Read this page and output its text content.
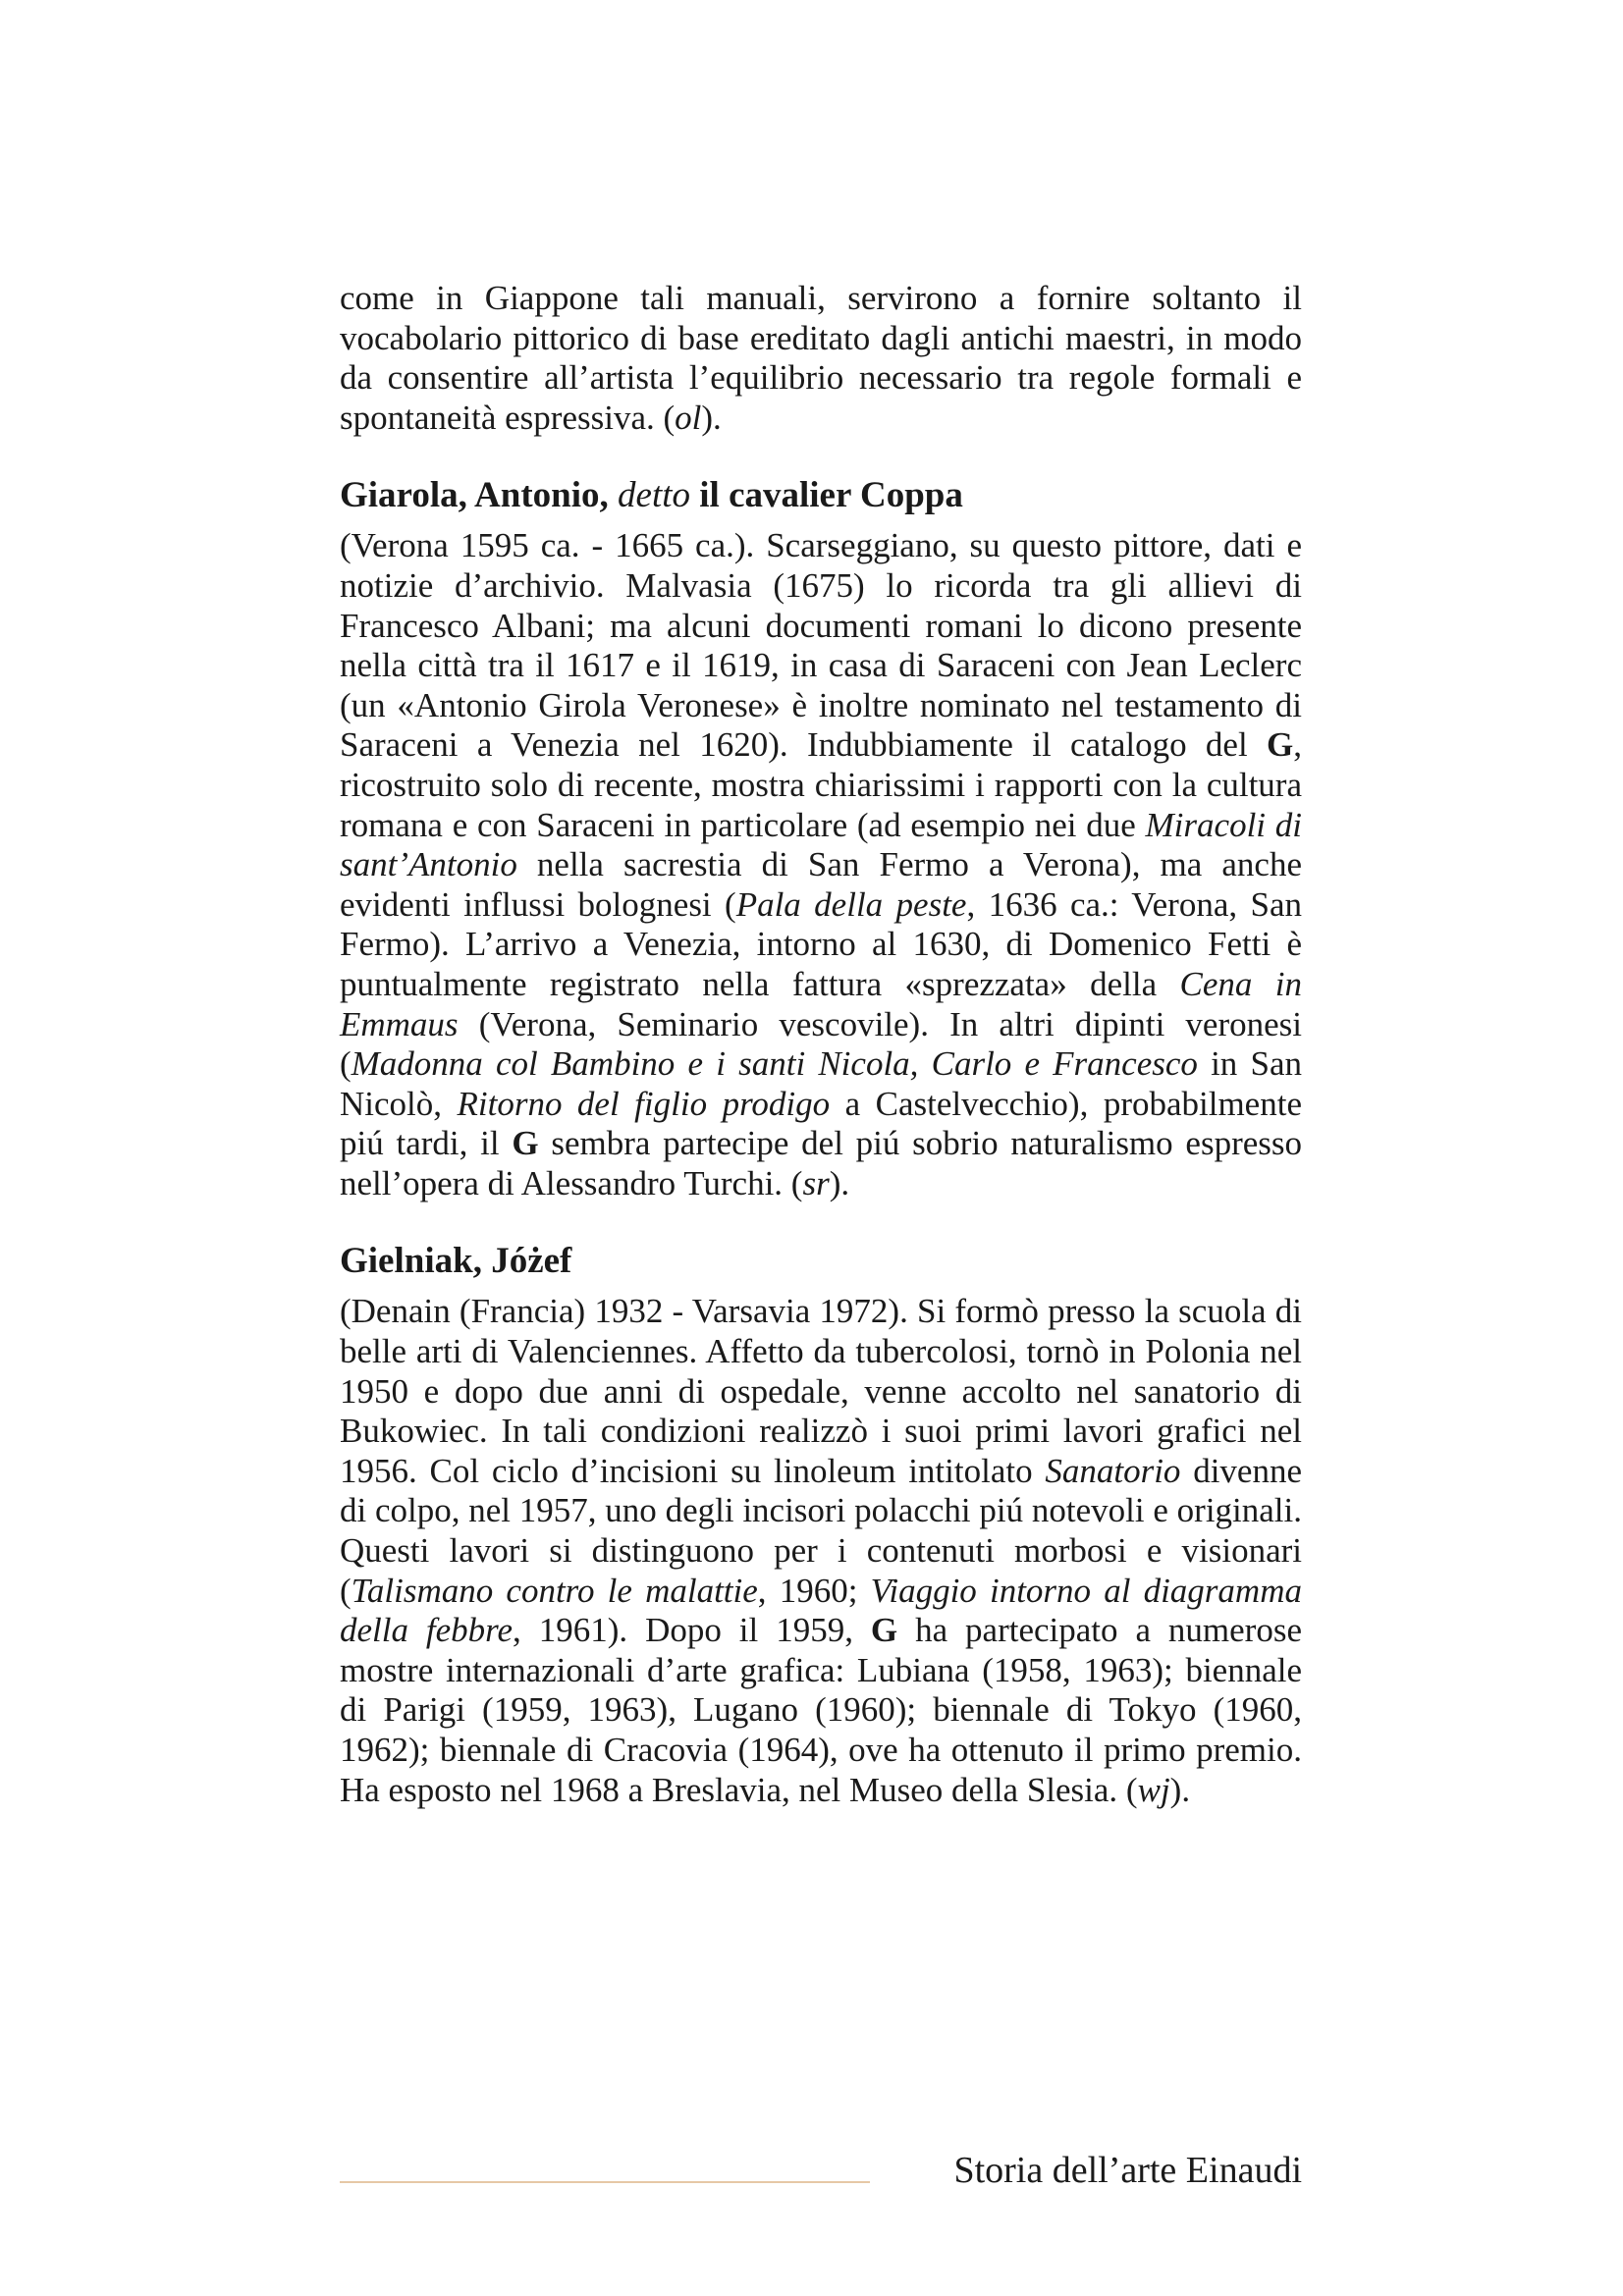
come in Giappone tali manuali, servirono a fornire soltanto il vocabolario pittorico di base ereditato dagli antichi maestri, in modo da consentire all’artista l’equilibrio necessario tra regole formali e spontaneità espressiva. (ol).

Giarola, Antonio, detto il cavalier Coppa

(Verona 1595 ca. - 1665 ca.). Scarseggiano, su questo pittore, dati e notizie d’archivio. Malvasia (1675) lo ricorda tra gli allievi di Francesco Albani; ma alcuni documenti romani lo dicono presente nella città tra il 1617 e il 1619, in casa di Saraceni con Jean Leclerc (un «Antonio Girola Veronese» è inoltre nominato nel testamento di Saraceni a Venezia nel 1620). Indubbiamente il catalogo del G, ricostruito solo di recente, mostra chiarissimi i rapporti con la cultura romana e con Saraceni in particolare (ad esempio nei due Miracoli di sant’Antonio nella sacrestia di San Fermo a Verona), ma anche evidenti influssi bolognesi (Pala della peste, 1636 ca.: Verona, San Fermo). L’arrivo a Venezia, intorno al 1630, di Domenico Fetti è puntualmente registrato nella fattura «sprezzata» della Cena in Emmaus (Verona, Seminario vescovile). In altri dipinti veronesi (Madonna col Bambino e i santi Nicola, Carlo e Francesco in San Nicolò, Ritorno del figlio prodigo a Castelvecchio), probabilmente piú tardi, il G sembra partecipe del piú sobrio naturalismo espresso nell’opera di Alessandro Turchi. (sr).

Gielniak, Jóżef

(Denain (Francia) 1932 - Varsavia 1972). Si formò presso la scuola di belle arti di Valenciennes. Affetto da tubercolosi, tornò in Polonia nel 1950 e dopo due anni di ospedale, venne accolto nel sanatorio di Bukowiec. In tali condizioni realizzò i suoi primi lavori grafici nel 1956. Col ciclo d’incisioni su linoleum intitolato Sanatorio divenne di colpo, nel 1957, uno degli incisori polacchi piú notevoli e originali. Questi lavori si distinguono per i contenuti morbosi e visionari (Talismano contro le malattie, 1960; Viaggio intorno al diagramma della febbre, 1961). Dopo il 1959, G ha partecipato a numerose mostre internazionali d’arte grafica: Lubiana (1958, 1963); biennale di Parigi (1959, 1963), Lugano (1960); biennale di Tokyo (1960, 1962); biennale di Cracovia (1964), ove ha ottenuto il primo premio. Ha esposto nel 1968 a Breslavia, nel Museo della Slesia. (wj).

Storia dell’arte Einaudi
